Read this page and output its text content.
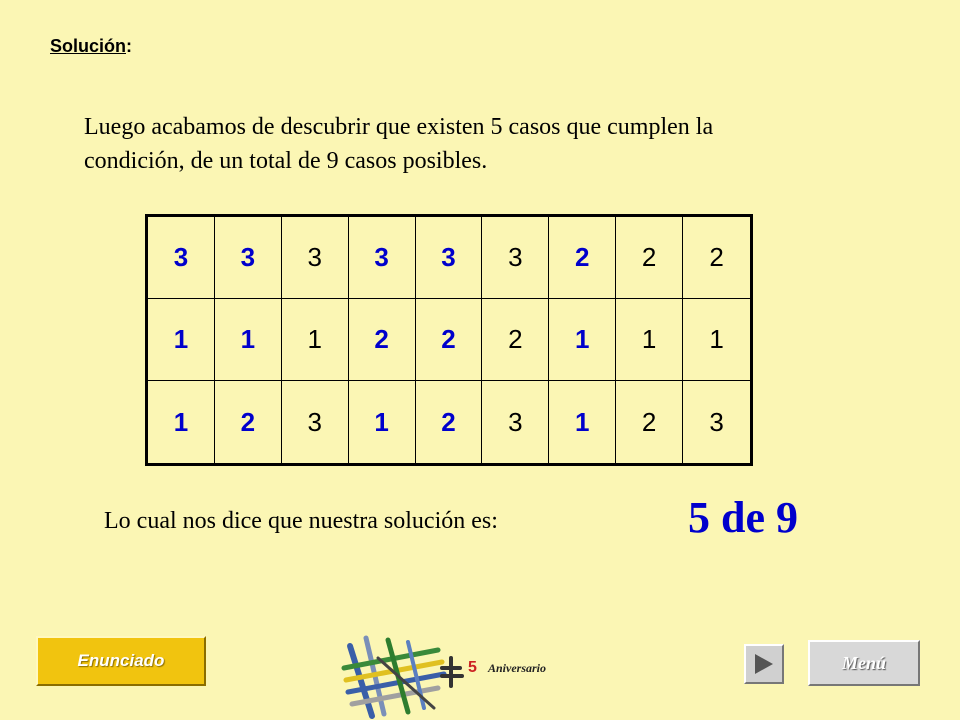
Solución:
Luego acabamos de descubrir que existen 5 casos que cumplen la condición, de un total de 9 casos posibles.
3	3	3	3	3	3	2	2	2
1	1	1	2	2	2	1	1	1
1	2	3	1	2	3	1	2	3
Lo cual nos dice que nuestra solución es:	5 de 9
Enunciado	5 Aniversario	Menú
